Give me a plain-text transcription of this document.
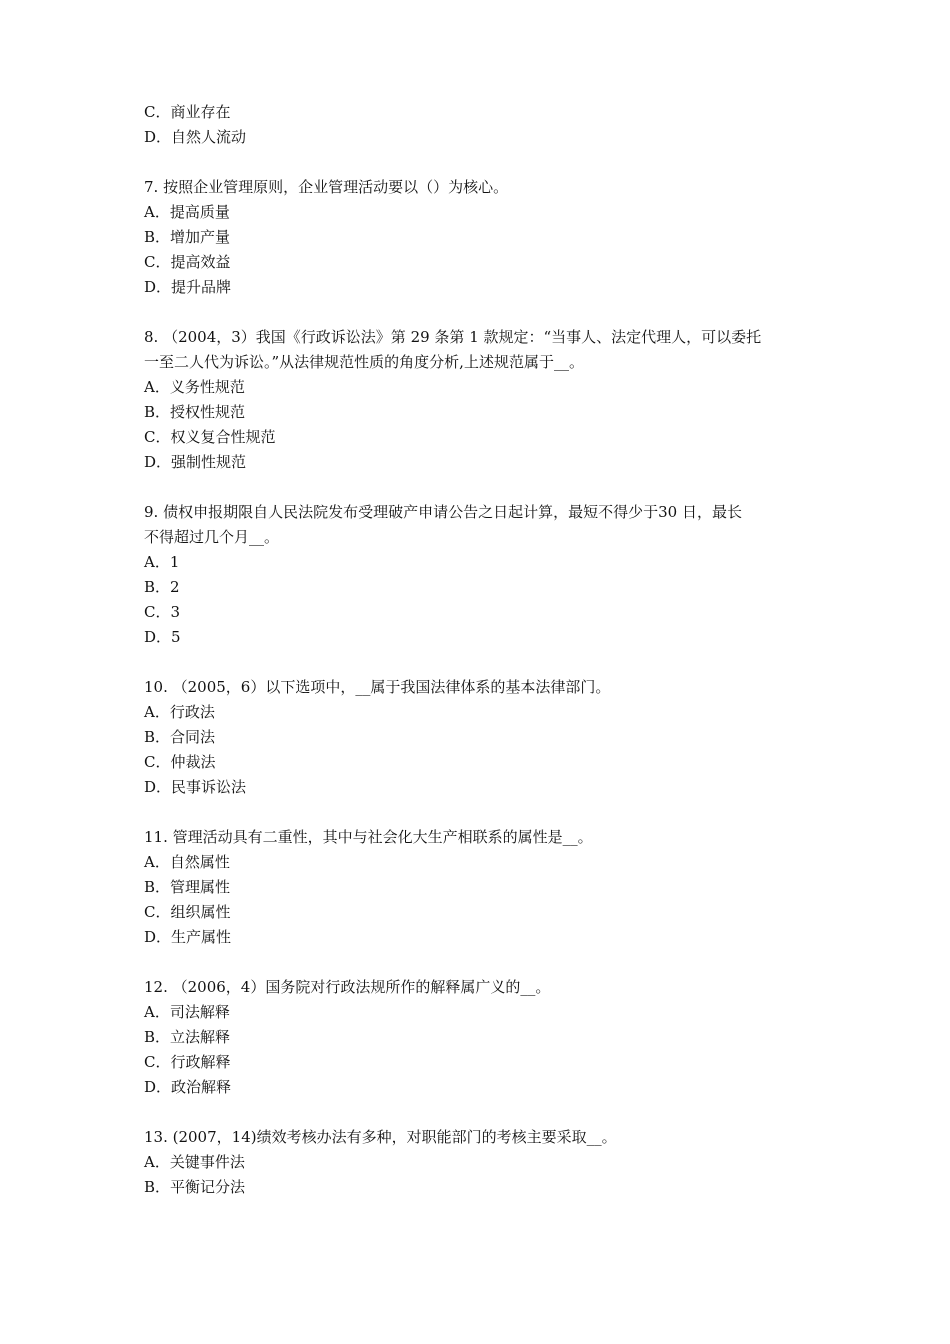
C．商业存在
D．自然人流动
7. 按照企业管理原则，企业管理活动要以（）为核心。
A．提高质量
B．增加产量
C．提高效益
D．提升品牌
8. （2004，3）我国《行政诉讼法》第 29 条第 1 款规定：“当事人、法定代理人，可以委托
一至二人代为诉讼。”从法律规范性质的角度分析,上述规范属于__。
A．义务性规范
B．授权性规范
C．权义复合性规范
D．强制性规范
9. 债权申报期限自人民法院发布受理破产申请公告之日起计算，最短不得少于30 日，最长
不得超过几个月__。
A．1
B．2
C．3
D．5
10. （2005，6）以下选项中，__属于我国法律体系的基本法律部门。
A．行政法
B．合同法
C．仲裁法
D．民事诉讼法
11. 管理活动具有二重性，其中与社会化大生产相联系的属性是__。
A．自然属性
B．管理属性
C．组织属性
D．生产属性
12. （2006，4）国务院对行政法规所作的解释属广义的__。
A．司法解释
B．立法解释
C．行政解释
D．政治解释
13. (2007，14)绩效考核办法有多种，对职能部门的考核主要采取__。
A．关键事件法
B．平衡记分法
